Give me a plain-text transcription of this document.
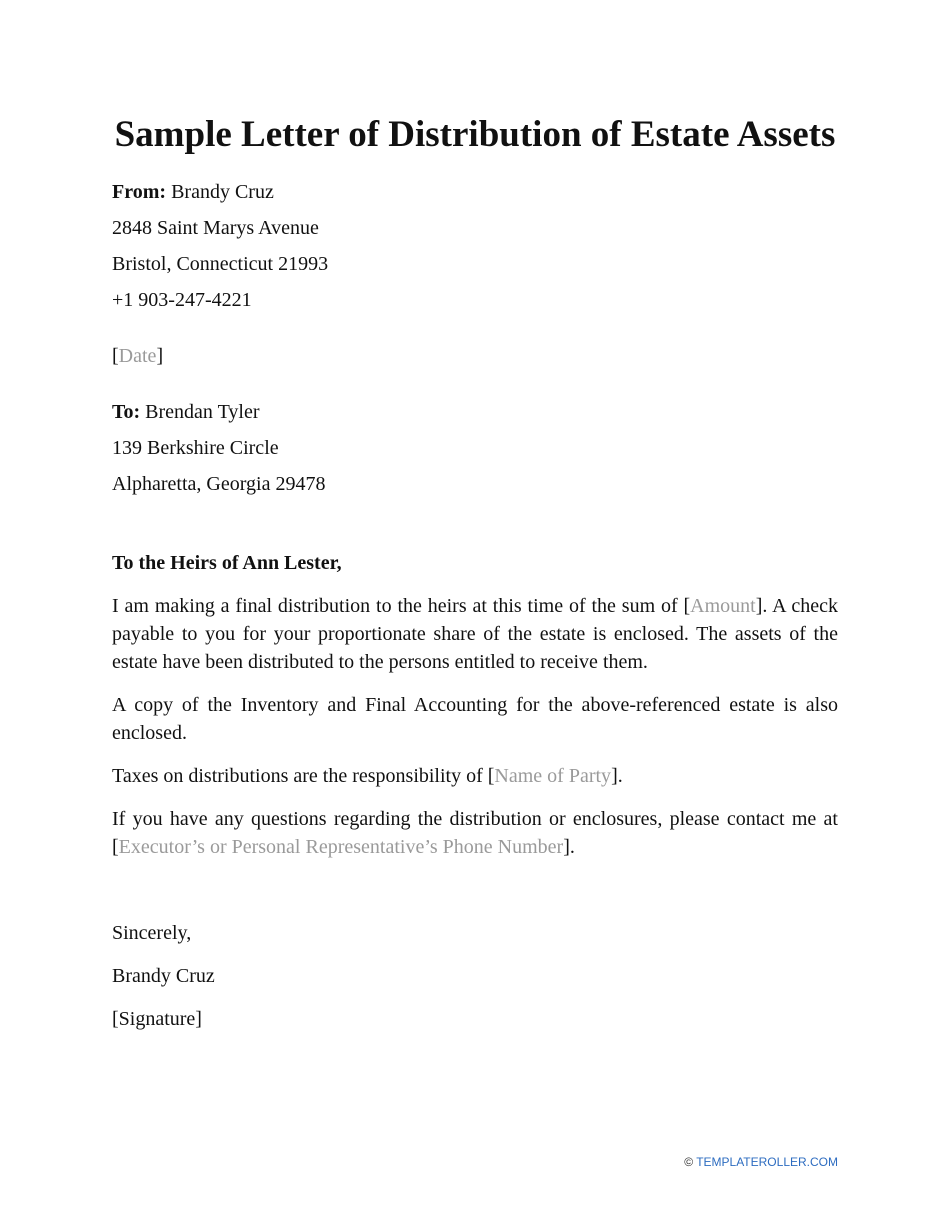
Sample Letter of Distribution of Estate Assets

From: Brandy Cruz

2848 Saint Marys Avenue

Bristol, Connecticut 21993

+1 903-247-4221

[Date]

To: Brendan Tyler

139 Berkshire Circle

Alpharetta, Georgia 29478

To the Heirs of Ann Lester,

I am making a final distribution to the heirs at this time of the sum of [Amount]. A check payable to you for your proportionate share of the estate is enclosed. The assets of the estate have been distributed to the persons entitled to receive them.

A copy of the Inventory and Final Accounting for the above-referenced estate is also enclosed.

Taxes on distributions are the responsibility of [Name of Party].

If you have any questions regarding the distribution or enclosures, please contact me at [Executor’s or Personal Representative’s Phone Number].

Sincerely,

Brandy Cruz

[Signature]

© TEMPLATEROLLER.COM
